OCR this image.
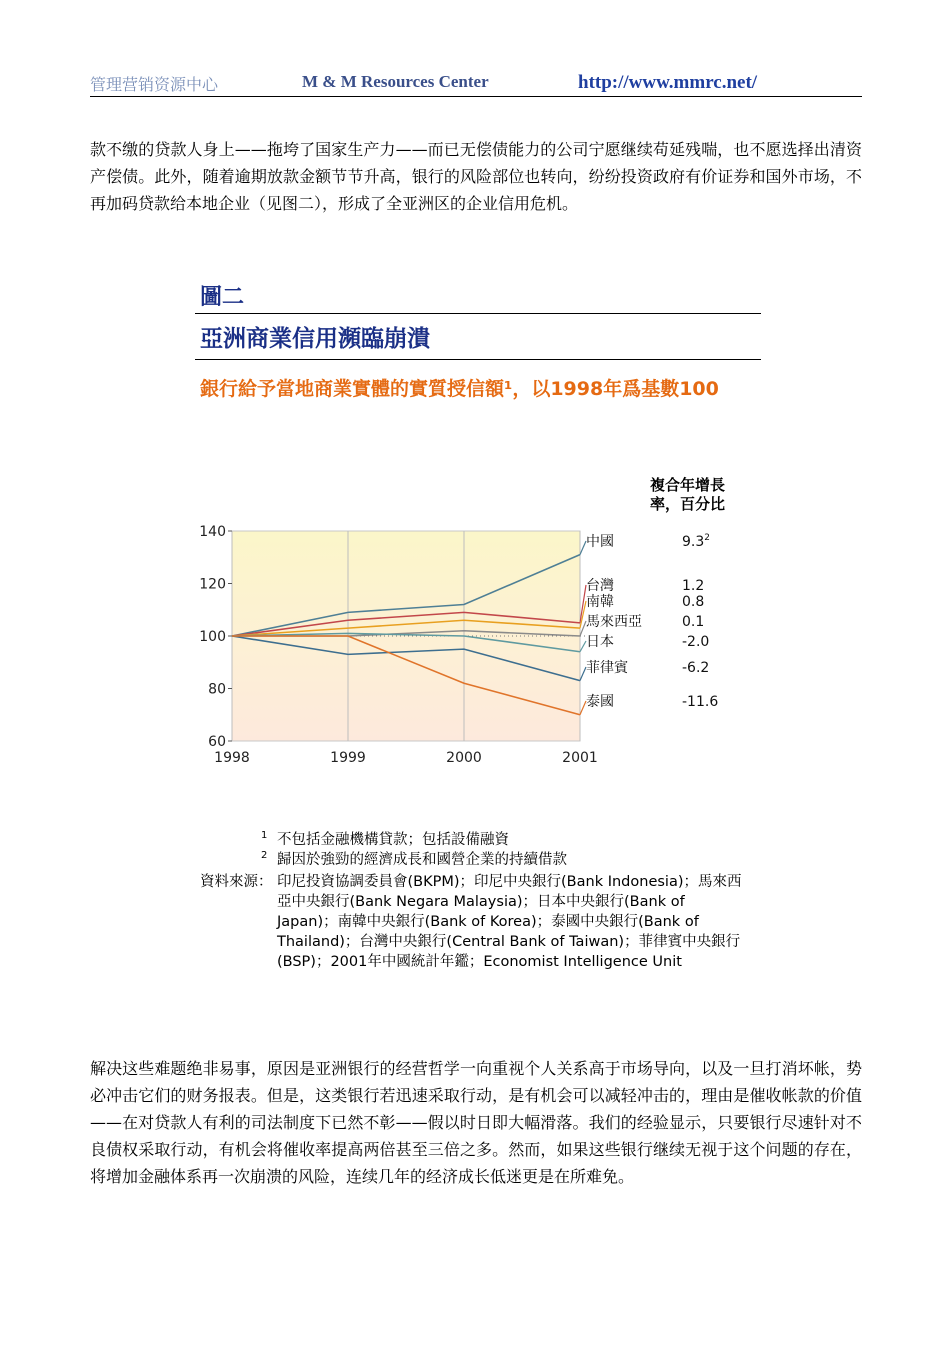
管理营销资源中心	M & M Resources Center	http://www.mmrc.net/
款不缴的贷款人身上——拖垮了国家生产力——而已无偿债能力的公司宁愿继续苟延残喘，也不愿选择出清资产偿债。此外，随着逾期放款金额节节升高，银行的风险部位也转向，纷纷投资政府有价证券和国外市场，不再加码贷款给本地企业（见图二），形成了全亚洲区的企业信用危机。
圖二
亞洲商業信用瀕臨崩潰
銀行給予當地商業實體的實質授信額¹，以1998年爲基數100
複合年增長
率，百分比
60
80
100
120
140
1998	1999	2000	2001
中國	$9.3^2$
台灣	1.2
南韓	0.8
馬來西亞	0.1
日本	-2.0
菲律賓	-6.2
泰國	-11.6
1 不包括金融機構貸款；包括設備融資
2 歸因於強勁的經濟成長和國營企業的持續借款
資料來源： 印尼投資協調委員會(BKPM)；印尼中央銀行(Bank Indonesia)；馬來西亞中央銀行(Bank Negara Malaysia)；日本中央銀行(Bank of Japan)；南韓中央銀行(Bank of Korea)；泰國中央銀行(Bank of Thailand)；台灣中央銀行(Central Bank of Taiwan)；菲律賓中央銀行(BSP)；2001年中國統計年鑑；Economist Intelligence Unit
解决这些难题绝非易事，原因是亚洲银行的经营哲学一向重视个人关系高于市场导向，以及一旦打消坏帐，势必冲击它们的财务报表。但是，这类银行若迅速采取行动，是有机会可以减轻冲击的，理由是催收帐款的价值——在对贷款人有利的司法制度下已然不彰——假以时日即大幅滑落。我们的经验显示，只要银行尽速针对不良债权采取行动，有机会将催收率提高两倍甚至三倍之多。然而，如果这些银行继续无视于这个问题的存在，将增加金融体系再一次崩溃的风险，连续几年的经济成长低迷更是在所难免。
